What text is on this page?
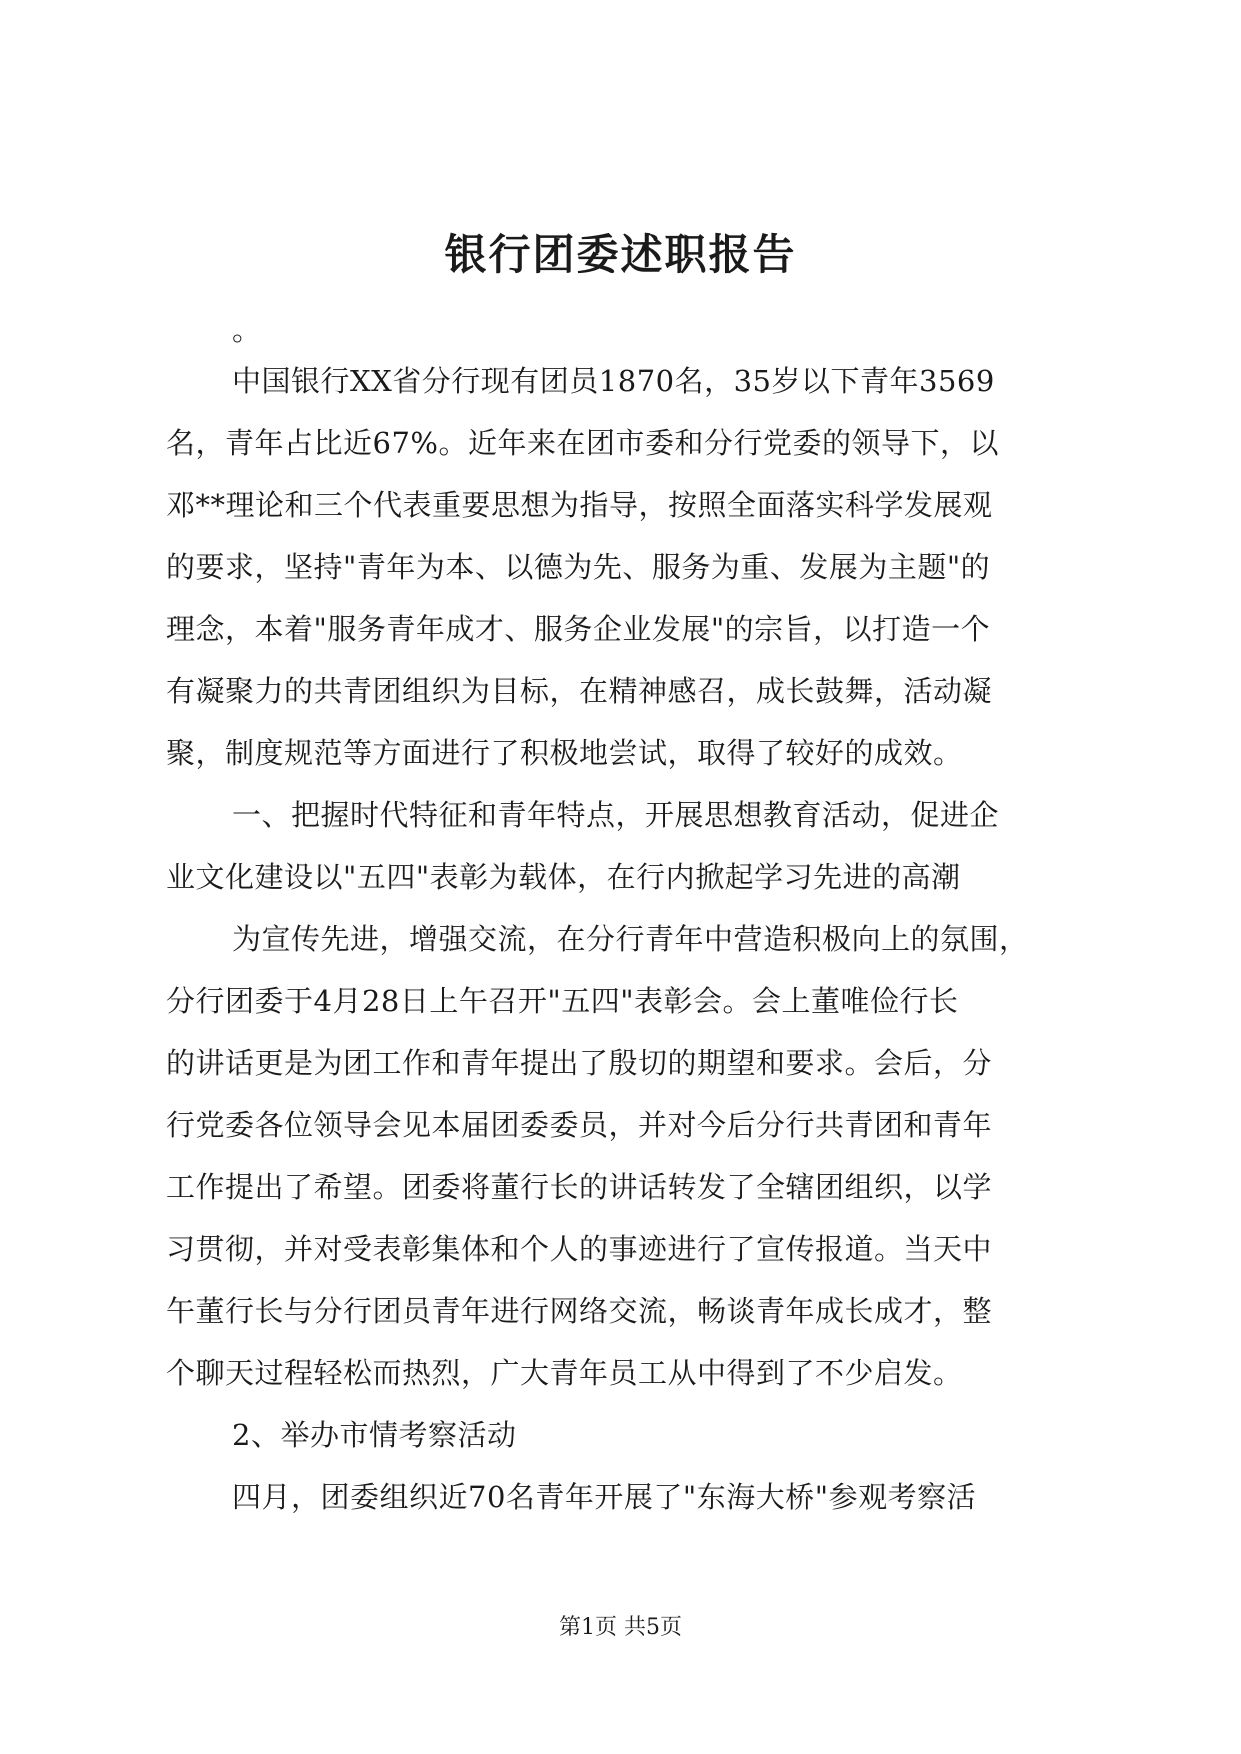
银行团委述职报告
。
中国银行XX省分行现有团员1870名，35岁以下青年3569
名，青年占比近67%。近年来在团市委和分行党委的领导下，以
邓**理论和三个代表重要思想为指导，按照全面落实科学发展观
的要求，坚持"青年为本、以德为先、服务为重、发展为主题"的
理念，本着"服务青年成才、服务企业发展"的宗旨，以打造一个
有凝聚力的共青团组织为目标，在精神感召，成长鼓舞，活动凝
聚，制度规范等方面进行了积极地尝试，取得了较好的成效。
一、把握时代特征和青年特点，开展思想教育活动，促进企
业文化建设以"五四"表彰为载体，在行内掀起学习先进的高潮
为宣传先进，增强交流，在分行青年中营造积极向上的氛围，
分行团委于4月28日上午召开"五四"表彰会。会上董唯俭行长
的讲话更是为团工作和青年提出了殷切的期望和要求。会后，分
行党委各位领导会见本届团委委员，并对今后分行共青团和青年
工作提出了希望。团委将董行长的讲话转发了全辖团组织，以学
习贯彻，并对受表彰集体和个人的事迹进行了宣传报道。当天中
午董行长与分行团员青年进行网络交流，畅谈青年成长成才，整
个聊天过程轻松而热烈，广大青年员工从中得到了不少启发。
2、举办市情考察活动
四月，团委组织近70名青年开展了"东海大桥"参观考察活
第1页 共5页
